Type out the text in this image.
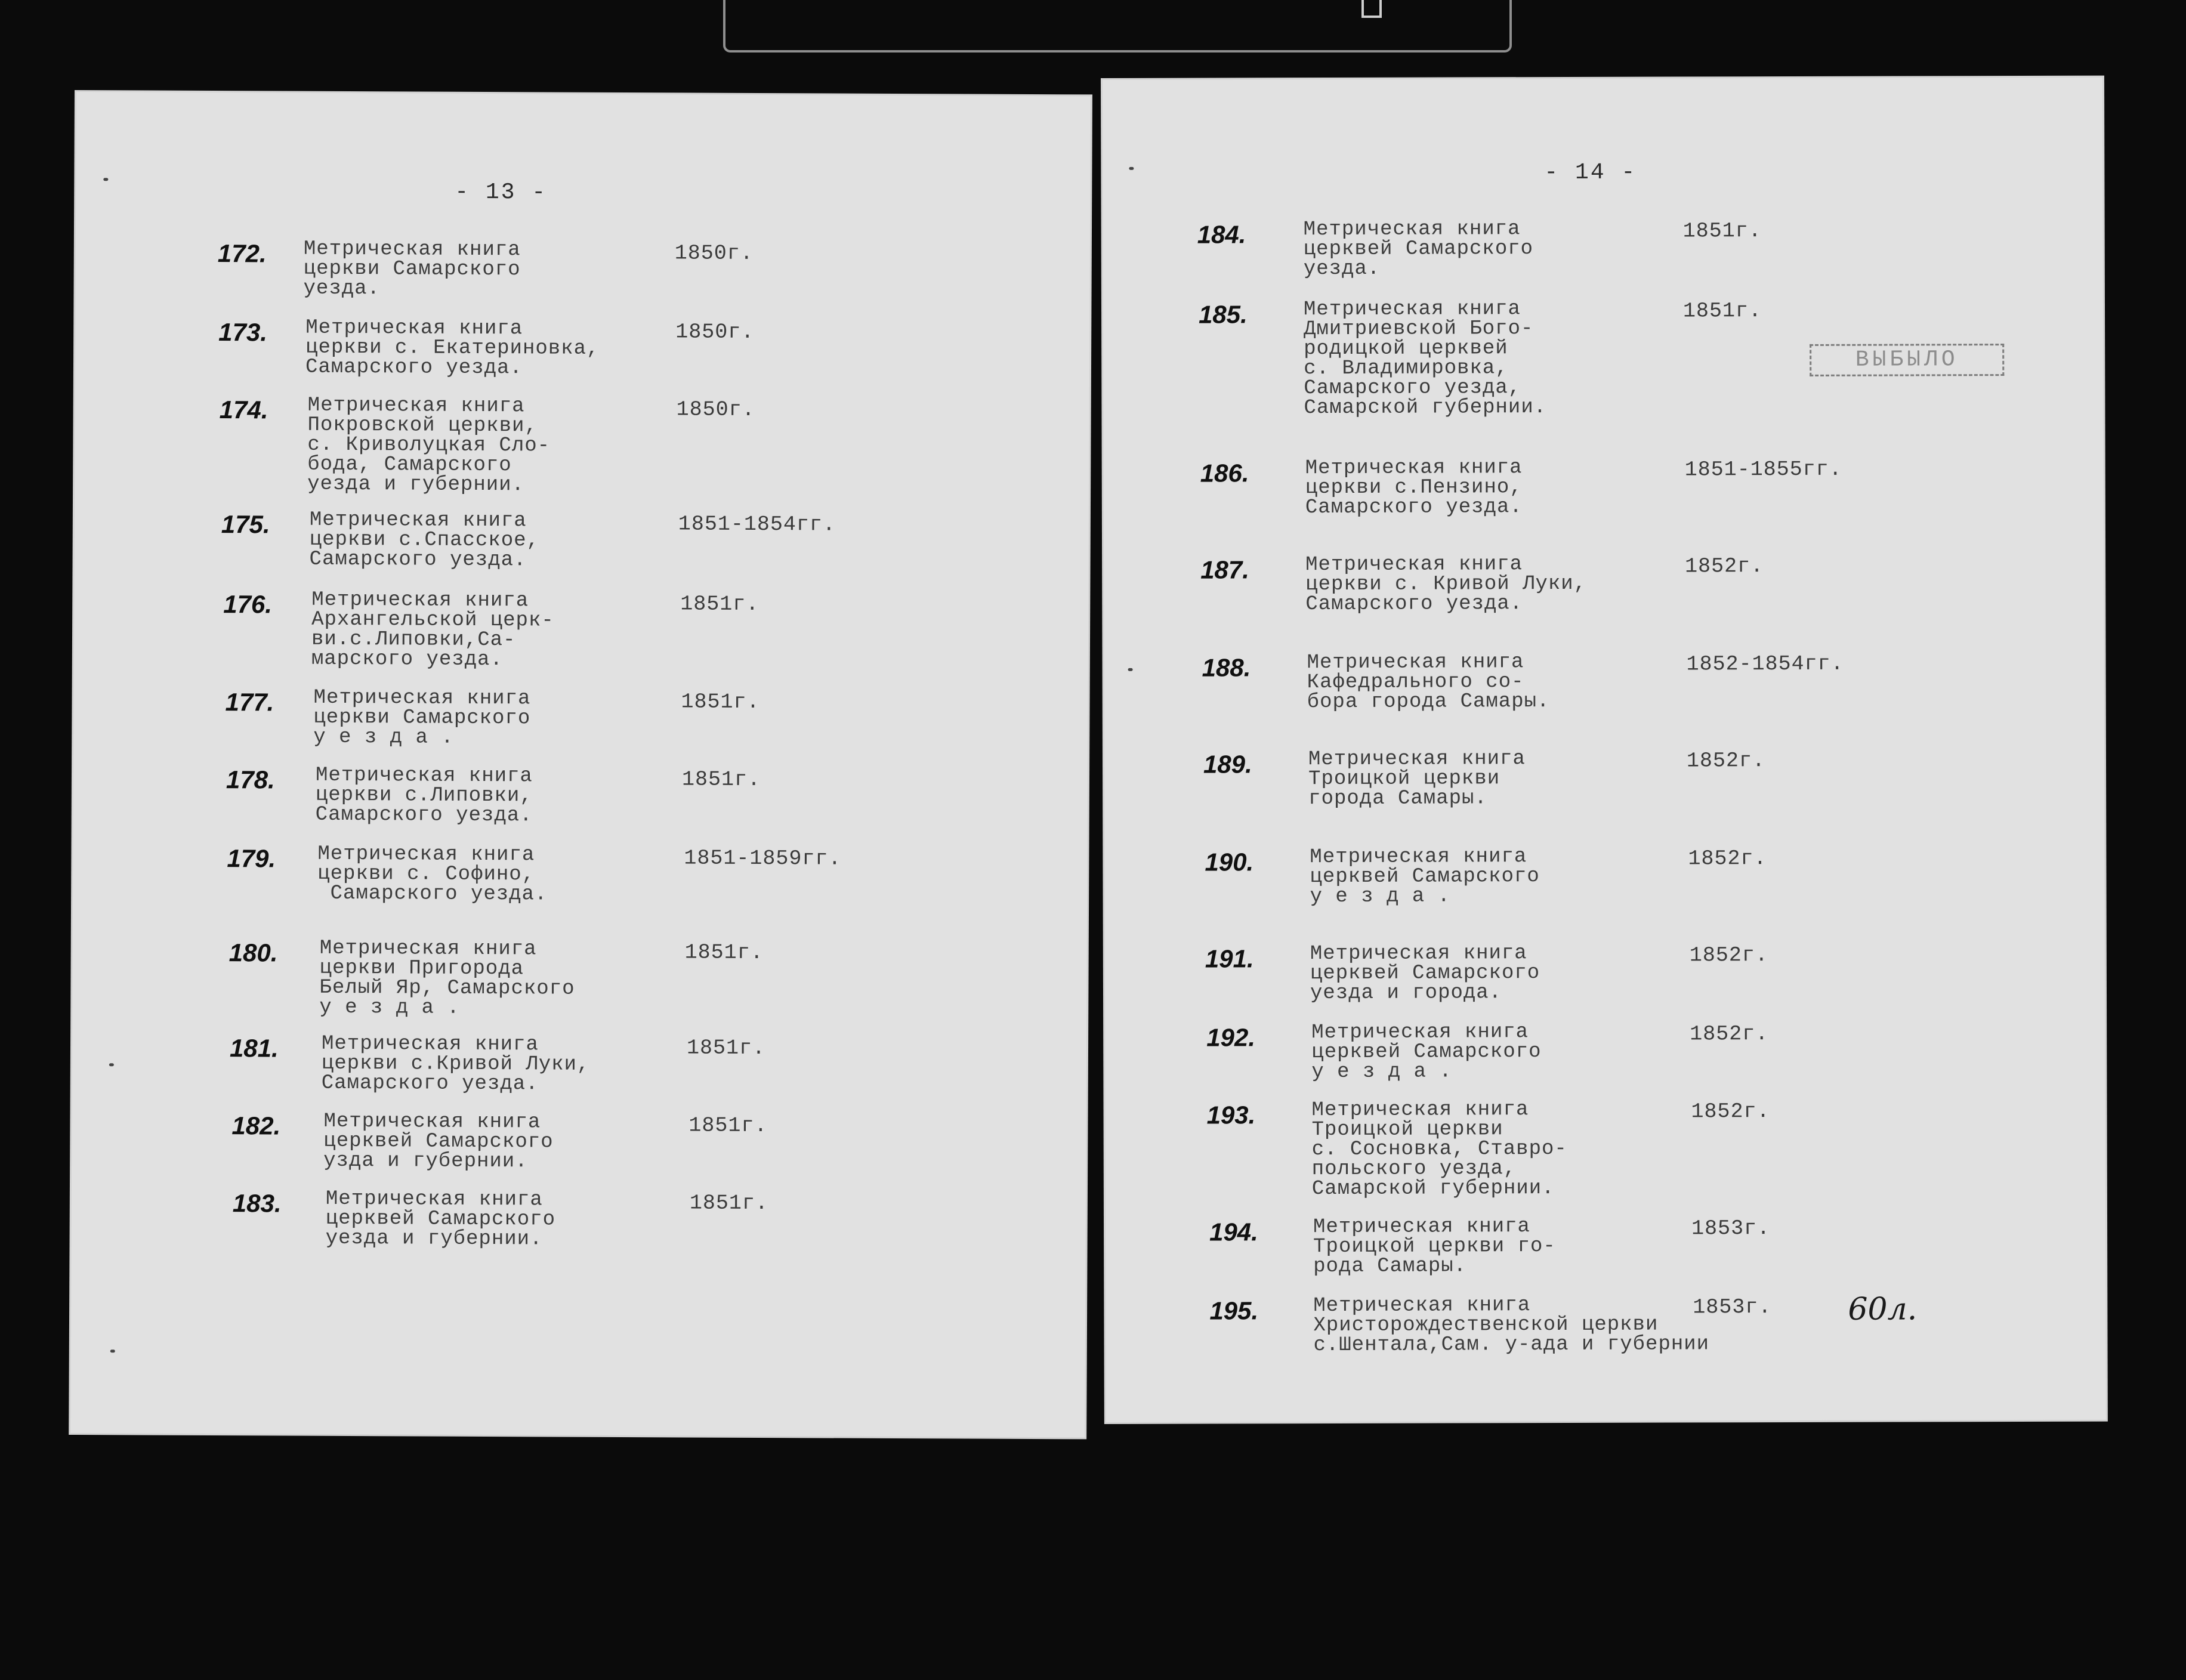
- 13 -
172.	Метрическая книга
церкви Самарского
уезда.
1850г.
173.	Метрическая книга
церкви с. Екатериновка,
Самарского уезда.
1850г.
174.	Метрическая книга
Покровской церкви,
с. Криволуцкая Сло-
бода, Самарского
уезда и губернии.
1850г.
175.	Метрическая книга
церкви с.Спасское,
Самарского уезда.
1851-1854гг.
176.	Метрическая книга
Архангельской церк-
ви.с.Липовки,Са-
марского уезда.
1851г.
177.	Метрическая книга
церкви Самарского
у е з д а .
1851г.
178.	Метрическая книга
церкви с.Липовки,
Самарского уезда.
1851г.
179.	Метрическая книга
церкви с. Софино,
Самарского уезда.
1851-1859гг.
180.	Метрическая книга
церкви Пригорода
Белый Яр, Самарского
у е з д а .
1851г.
181.	Метрическая книга
церкви с.Кривой Луки,
Самарского уезда.
1851г.
182.	Метрическая книга
церквей Самарского
узда и губернии.
1851г.
183.	Метрическая книга
церквей Самарского
уезда и губернии.
1851г.
- 14 -
ВЫБЫЛО
60л.
184.	Метрическая книга
церквей Самарского
уезда.
1851г.
185.	Метрическая книга
Дмитриевской Бого-
родицкой церквей
с. Владимировка,
Самарского уезда,
Самарской губернии.
1851г.
186.	Метрическая книга
церкви с.Пензино,
Самарского уезда.
1851-1855гг.
187.	Метрическая книга
церкви с. Кривой Луки,
Самарского уезда.
1852г.
188.	Метрическая книга
Кафедрального со-
бора города Самары.
1852-1854гг.
189.	Метрическая книга
Троицкой церкви
города Самары.
1852г.
190.	Метрическая книга
церквей Самарского
у е з д а .
1852г.
191.	Метрическая книга
церквей Самарского
уезда и города.
1852г.
192.	Метрическая книга
церквей Самарского
у е з д а .
1852г.
193.	Метрическая книга
Троицкой церкви
с. Сосновка, Ставро-
польского уезда,
Самарской губернии.
1852г.
194.	Метрическая книга
Троицкой церкви го-
рода Самары.
1853г.
195.	Метрическая книга
Христорождественской церкви
с.Шентала,Сам. у-ада и губернии
1853г.
